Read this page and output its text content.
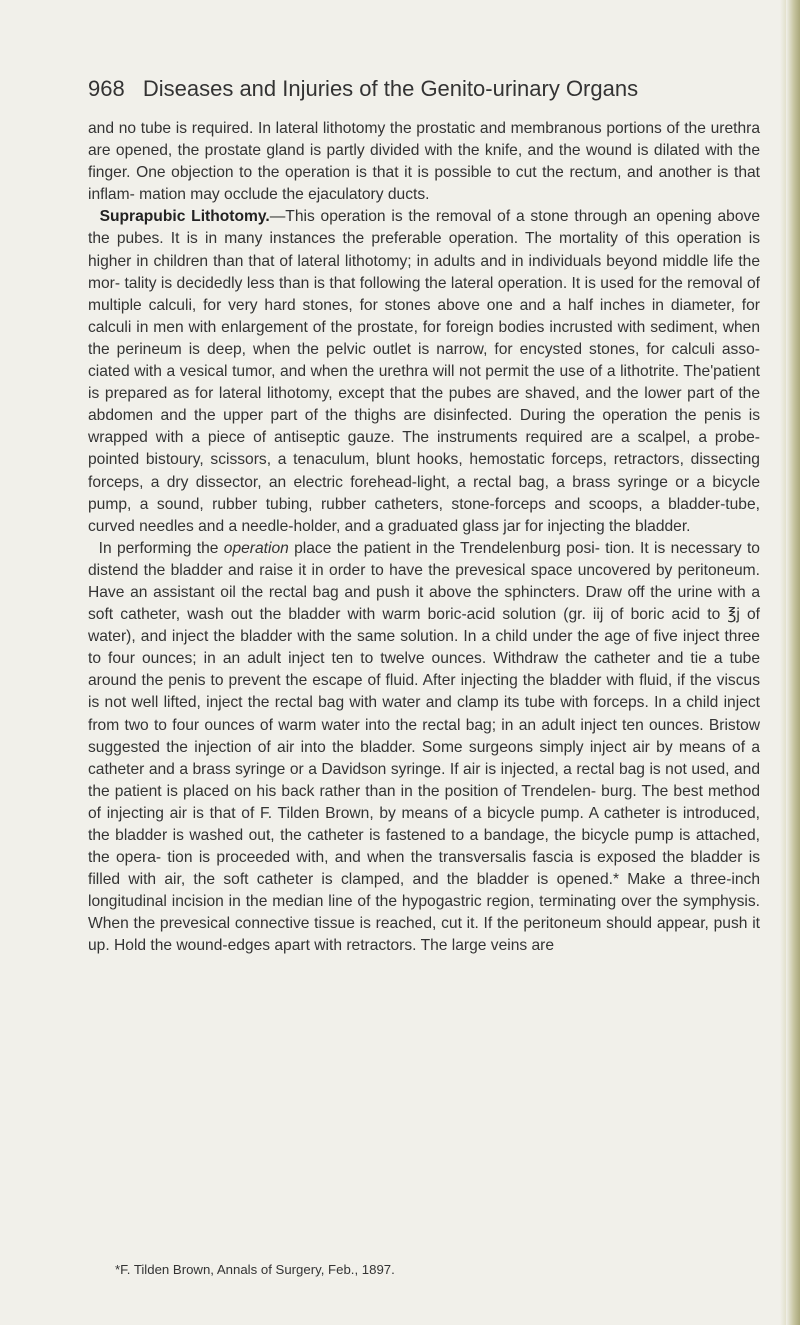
968 Diseases and Injuries of the Genito-urinary Organs

and no tube is required. In lateral lithotomy the prostatic and membranous portions of the urethra are opened, the prostate gland is partly divided with the knife, and the wound is dilated with the finger. One objection to the operation is that it is possible to cut the rectum, and another is that inflam- mation may occlude the ejaculatory ducts.

Suprapubic Lithotomy.—This operation is the removal of a stone through an opening above the pubes. It is in many instances the preferable operation. The mortality of this operation is higher in children than that of lateral lithotomy; in adults and in individuals beyond middle life the mor- tality is decidedly less than is that following the lateral operation. It is used for the removal of multiple calculi, for very hard stones, for stones above one and a half inches in diameter, for calculi in men with enlargement of the prostate, for foreign bodies incrusted with sediment, when the perineum is deep, when the pelvic outlet is narrow, for encysted stones, for calculi asso- ciated with a vesical tumor, and when the urethra will not permit the use of a lithotrite. The'patient is prepared as for lateral lithotomy, except that the pubes are shaved, and the lower part of the abdomen and the upper part of the thighs are disinfected. During the operation the penis is wrapped with a piece of antiseptic gauze. The instruments required are a scalpel, a probe- pointed bistoury, scissors, a tenaculum, blunt hooks, hemostatic forceps, retractors, dissecting forceps, a dry dissector, an electric forehead-light, a rectal bag, a brass syringe or a bicycle pump, a sound, rubber tubing, rubber catheters, stone-forceps and scoops, a bladder-tube, curved needles and a needle-holder, and a graduated glass jar for injecting the bladder.

In performing the operation place the patient in the Trendelenburg posi- tion. It is necessary to distend the bladder and raise it in order to have the prevesical space uncovered by peritoneum. Have an assistant oil the rectal bag and push it above the sphincters. Draw off the urine with a soft catheter, wash out the bladder with warm boric-acid solution (gr. iij of boric acid to ℥j of water), and inject the bladder with the same solution. In a child under the age of five inject three to four ounces; in an adult inject ten to twelve ounces. Withdraw the catheter and tie a tube around the penis to prevent the escape of fluid. After injecting the bladder with fluid, if the viscus is not well lifted, inject the rectal bag with water and clamp its tube with forceps. In a child inject from two to four ounces of warm water into the rectal bag; in an adult inject ten ounces. Bristow suggested the injection of air into the bladder. Some surgeons simply inject air by means of a catheter and a brass syringe or a Davidson syringe. If air is injected, a rectal bag is not used, and the patient is placed on his back rather than in the position of Trendelen- burg. The best method of injecting air is that of F. Tilden Brown, by means of a bicycle pump. A catheter is introduced, the bladder is washed out, the catheter is fastened to a bandage, the bicycle pump is attached, the opera- tion is proceeded with, and when the transversalis fascia is exposed the bladder is filled with air, the soft catheter is clamped, and the bladder is opened.* Make a three-inch longitudinal incision in the median line of the hypogastric region, terminating over the symphysis. When the prevesical connective tissue is reached, cut it. If the peritoneum should appear, push it up. Hold the wound-edges apart with retractors. The large veins are

*F. Tilden Brown, Annals of Surgery, Feb., 1897.
